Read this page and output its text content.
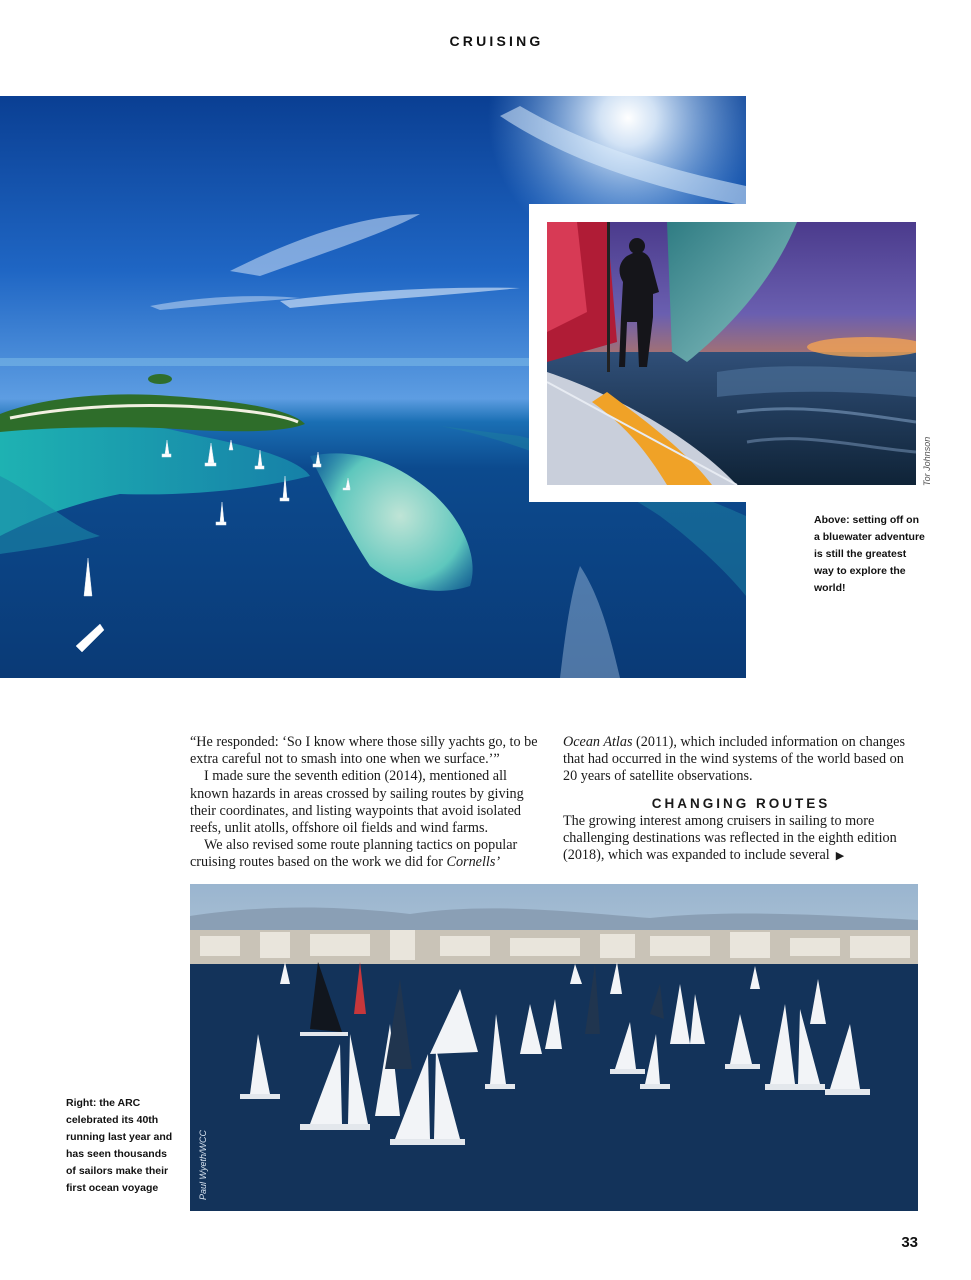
CRUISING
Tor Johnson
Above: setting off on a bluewater adventure is still the greatest way to explore the world!

“He responded: ‘So I know where those silly yachts go, to be extra careful not to smash into one when we surface.’”

I made sure the seventh edition (2014), mentioned all known hazards in areas crossed by sailing routes by giving their coordinates, and listing waypoints that avoid isolated reefs, unlit atolls, offshore oil fields and wind farms.

We also revised some route planning tactics on popular cruising routes based on the work we did for Cornells’

Ocean Atlas (2011), which included information on changes that had occurred in the wind systems of the world based on 20 years of satellite observations.

CHANGING ROUTES

The growing interest among cruisers in sailing to more challenging destinations was reflected in the eighth edition (2018), which was expanded to include several ▶

Paul Wyeth/WCC
Right: the ARC celebrated its 40th running last year and has seen thousands of sailors make their first ocean voyage
33
